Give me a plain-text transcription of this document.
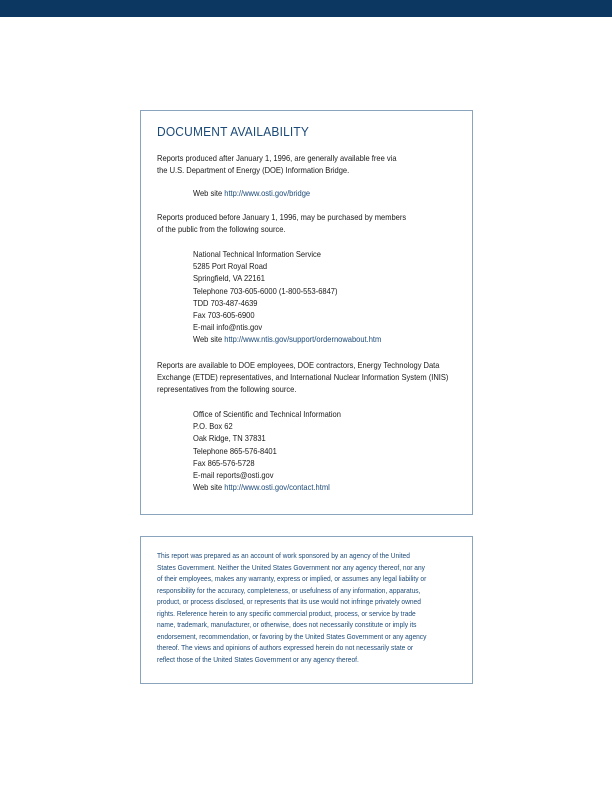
DOCUMENT AVAILABILITY
Reports produced after January 1, 1996, are generally available free via
the U.S. Department of Energy (DOE) Information Bridge.
Web site http://www.osti.gov/bridge
Reports produced before January 1, 1996, may be purchased by members
of the public from the following source.
National Technical Information Service
5285 Port Royal Road
Springfield, VA 22161
Telephone 703-605-6000 (1-800-553-6847)
TDD 703-487-4639
Fax 703-605-6900
E-mail info@ntis.gov
Web site http://www.ntis.gov/support/ordernowabout.htm
Reports are available to DOE employees, DOE contractors, Energy Technology Data
Exchange (ETDE) representatives, and International Nuclear Information System (INIS)
representatives from the following source.
Office of Scientific and Technical Information
P.O. Box 62
Oak Ridge, TN 37831
Telephone 865-576-8401
Fax 865-576-5728
E-mail reports@osti.gov
Web site http://www.osti.gov/contact.html
This report was prepared as an account of work sponsored by an agency of the United
States Government. Neither the United States Government nor any agency thereof, nor any
of their employees, makes any warranty, express or implied, or assumes any legal liability or
responsibility for the accuracy, completeness, or usefulness of any information, apparatus,
product, or process disclosed, or represents that its use would not infringe privately owned
rights. Reference herein to any specific commercial product, process, or service by trade
name, trademark, manufacturer, or otherwise, does not necessarily constitute or imply its
endorsement, recommendation, or favoring by the United States Government or any agency
thereof. The views and opinions of authors expressed herein do not necessarily state or
reflect those of the United States Government or any agency thereof.
